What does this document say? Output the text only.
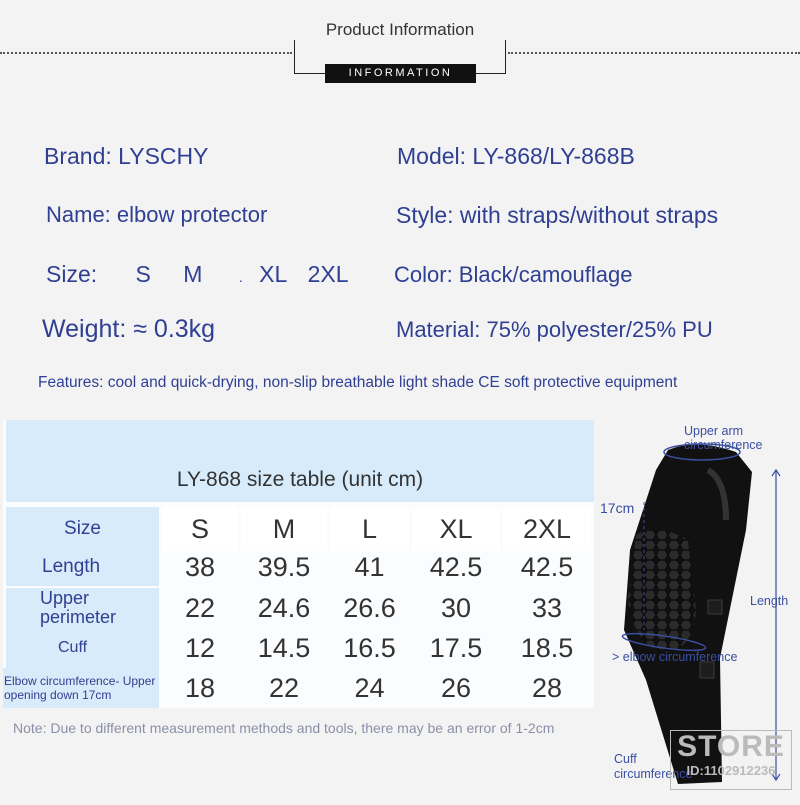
Product Information
INFORMATION
Brand: LYSCHY	Model: LY-868/LY-868B
Name: elbow protector	Style: with straps/without straps
Size: S M	. XL 2XL	Color: Black/camouflage
Weight: ≈ 0.3kg	Material: 75% polyester/25% PU
Features: cool and quick-drying, non-slip breathable light shade CE soft protective equipment
LY-868 size table (unit cm)
Size	S	M	L	XL	2XL
Length	38	39.5	41	42.5	42.5
Upper perimeter	22	24.6	26.6	30	33
Cuff	12	14.5	16.5	17.5	18.5
Elbow circumference- Upper opening down 17cm	18	22	24	26	28
Note: Due to different measurement methods and tools, there may be an error of 1-2cm
Upper arm circumference
17cm
Length
> elbow circumference
Cuff circumference
STORE
ID:1102912236
